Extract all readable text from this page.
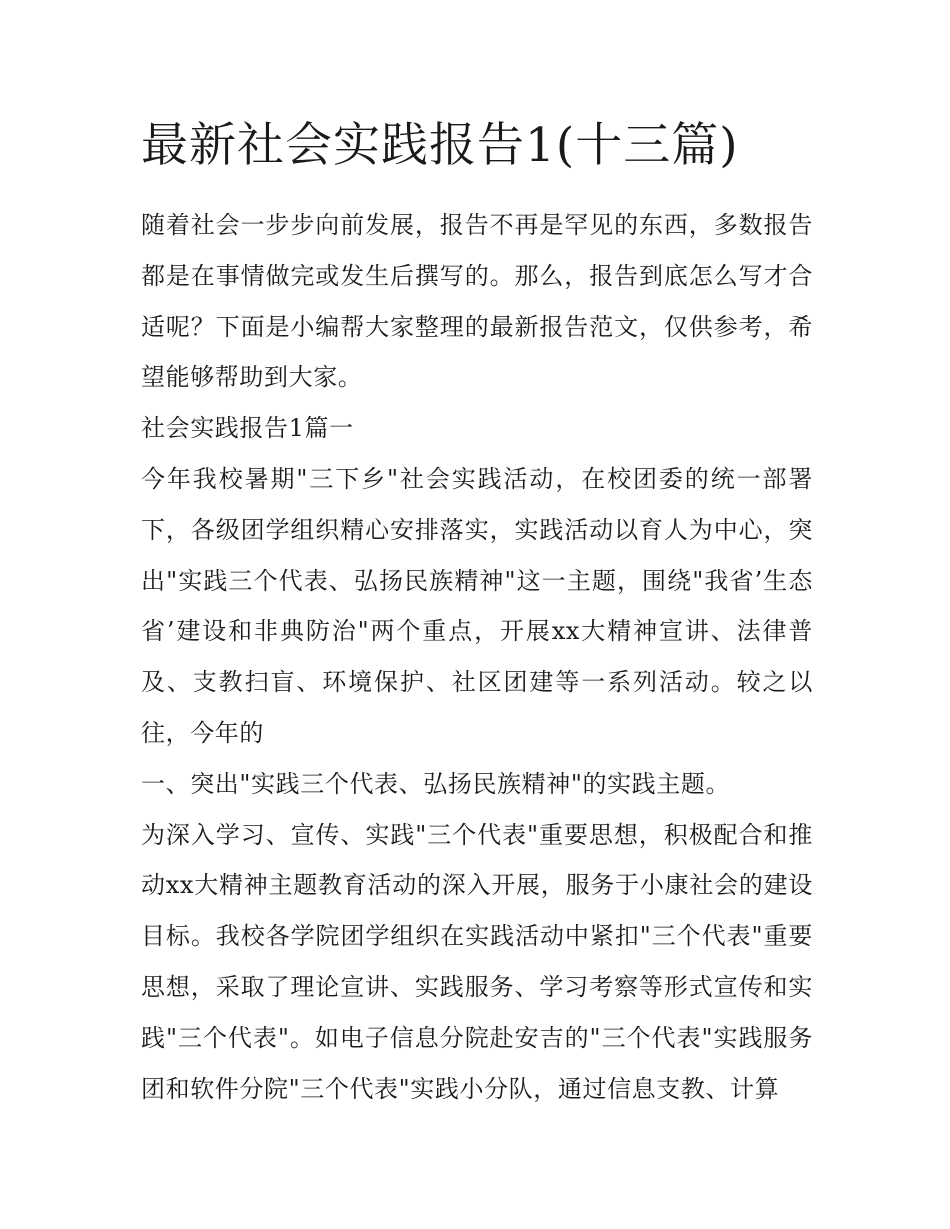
最新社会实践报告1(十三篇)

随着社会一步步向前发展，报告不再是罕见的东西，多数报告都是在事情做完或发生后撰写的。那么，报告到底怎么写才合适呢？下面是小编帮大家整理的最新报告范文，仅供参考，希望能够帮助到大家。

社会实践报告1篇一

今年我校暑期"三下乡"社会实践活动，在校团委的统一部署下，各级团学组织精心安排落实，实践活动以育人为中心，突出"实践三个代表、弘扬民族精神"这一主题，围绕"我省’生态省’建设和非典防治"两个重点，开展xx大精神宣讲、法律普及、支教扫盲、环境保护、社区团建等一系列活动。较之以往，今年的

一、突出"实践三个代表、弘扬民族精神"的实践主题。

为深入学习、宣传、实践"三个代表"重要思想，积极配合和推动xx大精神主题教育活动的深入开展，服务于小康社会的建设目标。我校各学院团学组织在实践活动中紧扣"三个代表"重要思想，采取了理论宣讲、实践服务、学习考察等形式宣传和实践"三个代表"。如电子信息分院赴安吉的"三个代表"实践服务团和软件分院"三个代表"实践小分队，通过信息支教、计算
